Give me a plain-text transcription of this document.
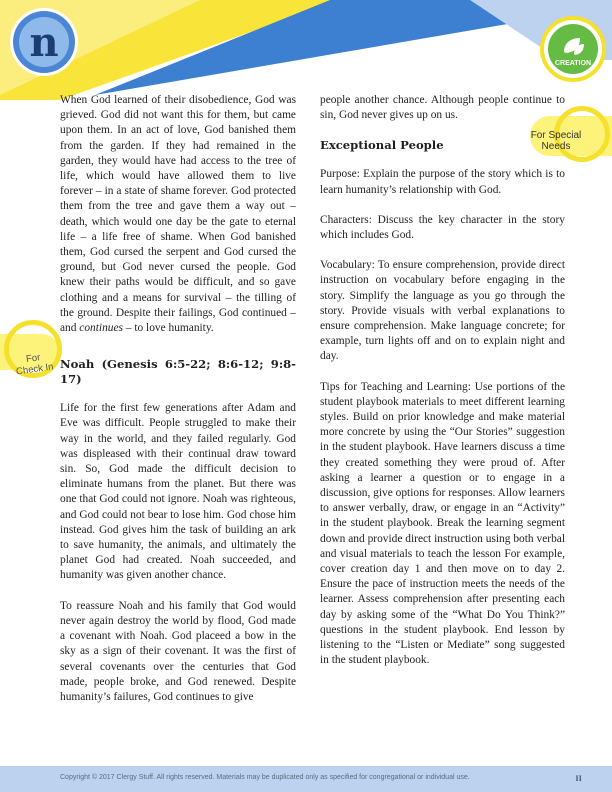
n	CREATION

When God learned of their disobedience, God was grieved. God did not want this for them, but came upon them. In an act of love, God banished them from the garden. If they had remained in the garden, they would have had access to the tree of life, which would have allowed them to live forever – in a state of shame forever. God protected them from the tree and gave them a way out – death, which would one day be the gate to eternal life – a life free of shame. When God banished them, God cursed the serpent and God cursed the ground, but God never cursed the people. God knew their paths would be difficult, and so gave clothing and a means for survival – the tilling of the ground. Despite their failings, God continued – and continues – to love humanity.

Noah (Genesis 6:5-22; 8:6-12; 9:8-17)

Life for the first few generations after Adam and Eve was difficult. People struggled to make their way in the world, and they failed regularly. God was displeased with their continual draw toward sin. So, God made the difficult decision to eliminate humans from the planet. But there was one that God could not ignore. Noah was righteous, and God could not bear to lose him. God chose him instead. God gives him the task of building an ark to save humanity, the animals, and ultimately the planet God had created. Noah succeeded, and humanity was given another chance.

To reassure Noah and his family that God would never again destroy the world by flood, God made a covenant with Noah. God placeed a bow in the sky as a sign of their covenant. It was the first of several covenants over the centuries that God made, people broke, and God renewed. Despite humanity’s failures, God continues to give

people another chance. Although people continue to sin, God never gives up on us.

Exceptional People

Purpose: Explain the purpose of the story which is to learn humanity’s relationship with God.

Characters: Discuss the key character in the story which includes God.

Vocabulary: To ensure comprehension, provide direct instruction on vocabulary before engaging in the story. Simplify the language as you go through the story. Provide visuals with verbal explanations to ensure comprehension. Make language concrete; for example, turn lights off and on to explain night and day.

Tips for Teaching and Learning: Use portions of the student playbook materials to meet different learning styles. Build on prior knowledge and make material more concrete by using the “Our Stories” suggestion in the student playbook. Have learners discuss a time they created something they were proud of. After asking a learner a question or to engage in a discussion, give options for responses. Allow learners to answer verbally, draw, or engage in an “Activity” in the student playbook. Break the learning segment down and provide direct instruction using both verbal and visual materials to teach the lesson For example, cover creation day 1 and then move on to day 2. Ensure the pace of instruction meets the needs of the learner. Assess comprehension after presenting each day by asking some of the “What Do You Think?” questions in the student playbook. End lesson by listening to the “Listen or Mediate” song suggested in the student playbook.

For Special Needs
For Check In
Copyright © 2017 Clergy Stuff. All rights reserved. Materials may be duplicated only as specified for congregational or individual use.	II
